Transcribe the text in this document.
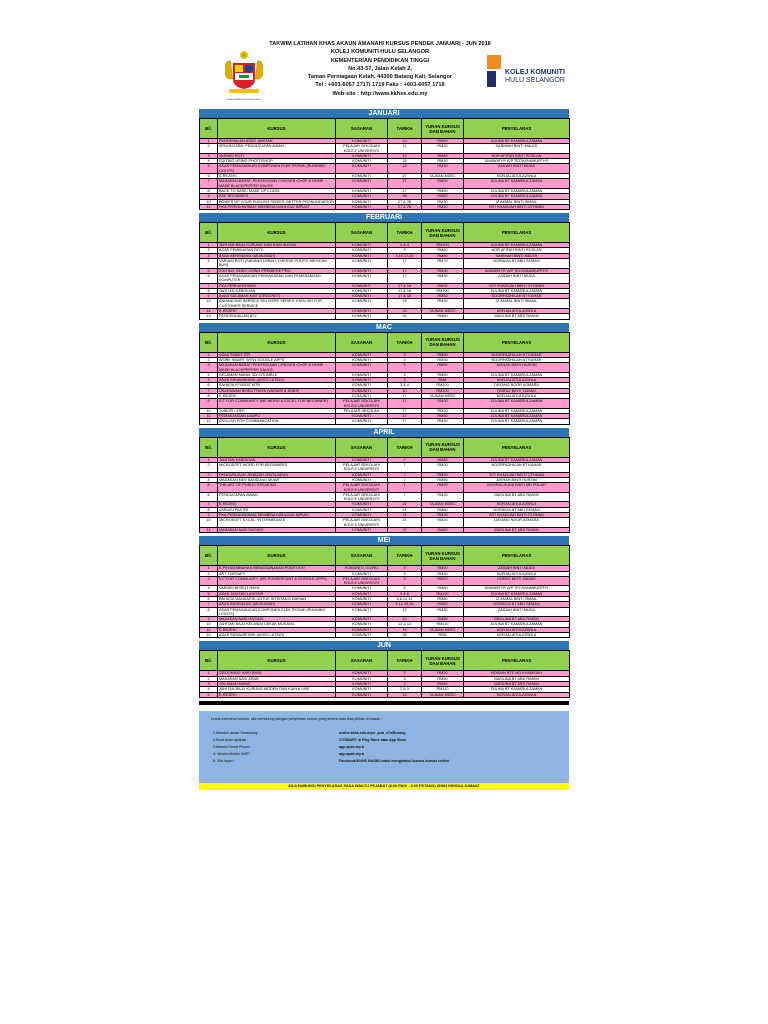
KEMENTERIAN PENDIDIKAN TINGGI
TAKWIM LATIHAN KHAS AKAUN AMANAH/ KURSUS PENDEK JANUARI - JUN 2018
KOLEJ KOMUNITI HULU SELANGOR
KEMENTERIAN PENDIDIKAN TINGGI
No.43-57, Jalan Kelah 2,
Taman Perniagaan Kelah, 44300 Batang Kali, Selangor
Tel : +603-6057 1717/ 1719 Faks : +603-6057 1718
Web-site : http://www.kkhse.edu.my
KOLEJ KOMUNITI
HULU SELANGOR
JANUARI
Bil.	KURSUS	SASARAN	TARIKH	YURAN KURSUS DAN BAHAN	PENYELARAS
1	PENGENALAN ASAS JAHITAN	KOMUNITI	10	RM50	ZULINA BT KAMARULZAMAN
2	SENI BICARA: PENGUCAPAN AWAM	PELAJAR SEKOLAH/ KOLEJ/ UNIVERSITI	11	RM20	SARIMAH BINTI MALEK
3	VARIASI ROTI	KOMUNITI	13	RM60	NOR AFIFAH BINTI ROSLAN
4	EDITING USING PHOTOSHOP	KOMUNITI	15	RM30	UMAWATHY A/P TECHANAMURTHY
5	ASAS PEMASANGAN KOMPONEN ELEKTRONIK (RUNNING LIGHTS)	KOMUNITI	19	RM30	ZAIDAH BINTI MUDA
6	E-REZEKI	KOMUNITI	27	TAJAAN MDEC	NORJALIATULAZWILA
7	MASAKAN BARAT: PENYEDIAAN CHICKEN CHOP & HOME MADE BLACKPEPPER SAUCE	KOMUNITI	27	RM50	ZULINA BT KAMARULZAMAN
8	BACK TO BASIC MAKE UP CLASS	KOMUNITI	27	RM50	ZULINA BT KAMARULZAMAN
9	KEK BROWNIES	KOMUNITI	28	RM60	ZULINA BT KAMARULZAMAN
10	POWER UP YOUR ENGLISH SERIES: BETTER PRONUNDIATION	KOMUNITI	27 & 28	RM30	IZ AKMAL BINTI ISMAIL
11	PKA PERKAHWINAN: MEMBINA MAHLIGAI IMPIAN	KOMUNITI	27 & 28	RM30	SITI KHADIJAH BINTI OTHMAN
FEBRUARI
Bil.	KURSUS	SASARAN	TARIKH	YURAN KURSUS DAN BAHAN	PENYELARAS
1	JAHITAN BAJU KURUNG DAN KAIN SUSUN	KOMUNITI	3 & 4	RM100	ZULINA BT KAMARULZAMAN
2	ASAS PEMBUATAN ROTI	KOMUNITI	3	RM60	NOR AFIFAH BINTI ROSLAN
3	ASAS BERENANG (MUSLIMAH)	KOMUNITI	3,10,17,24	RM80	SARIMAH BINTI MALEK
4	VARIASI ROTI (SARANG LEBAH, CHEESE PLAITS, MEXICAN BUN)	KOMUNITI	17	RM70	NORAIDA BT ABU SEMAN
5	EDITING VIDEO USING PREMIERE PRO	KOMUNITI	17	RM30	UMAWATHY A/P TECHANAMURTHY
6	ASAS PEMASANGAN PERKAKASAN DAN PEMASANGAN KOMPUTER	KOMUNITI	17	RM30	ZAIDAH BINTI MUDA
7	PKA PERKAHWINAN	KOMUNITI	17 & 18	RM30	SITI KHADIJAH BINTI OTHMAN
8	JAHITAN KARDIGAN	KOMUNITI	17 & 18	RM100	ZULINA BT KAMARULZAMAN
9	ASAS SULAMAN KAIT (CROCHET)	KOMUNITI	17 & 18	RM80	NOORFADHILAH BT KAHAR
10	ENHANCING SERVICE DELIVERY SERIES: ENGLISH FOR CUSTOMER SERVICE	KOMUNITI	24	RM30	IZ AKMAL BINTI ISMAIL
11	E-REZEKI	KOMUNITI	24	TAJAAN MDEC	NORJALIATULAZWILA
12	PENGENDALIAN ATV	KOMUNITI	24	RM50	MASLINA BT ABD RAHIM
MAC
Bil.	KURSUS	SASARAN	TARIKH	YURAN KURSUS DAN BAHAN	PENYELARAS
1	ASAS SOKET DIY	KOMUNITI	3	RM50	NOORFADHILAH BT KAHAR
2	WORK SMART WITH GOOGLE APPS	KOMUNITI	3	RM30	NOORFADHILAH BT KAHAR
3	MASAKAN BARAT: PENYEDIAAN CHICKEN CHOP & HOME MADE BLACKPEPPER SAUCE	KOMUNITI	3	RM50	AISHAH BINTI HUSSIN
4	GELAMAN MANIK 3D/ CRUMBLE	KOMUNITI	3	RM50	ZULINA BT KAMARULZAMAN
5	ASAS SENAMROBIK (AERO LATINO)	KOMUNITI	3	RM5	NORJALIATULAZWILA
6	BAHASA ISYARAT MTB	KOMUNITI	3 & 4	RM100	DAYANG NOOR ASMARA
7	USAHAWAN BISKUT RAYA (VARIASI 8 JENIS)	KOMUNITI	10	RM100	FAIRUZ BINTI ZAMAH
8	E-REZEKI	KOMUNITI	17	TAJAAN MDEC	NORJALIATULAZWILA
9	ICT FOR COMMUNITY (MS WORD & EXCEL FOR BEGINNER)	PELAJAR SEKOLAH/ KOLEJ/ UNIVERSITI	17	RM30	ZULINA BT KAMARULZAMAN
10	JUNIOR CHEF	PELAJAR SEKOLAH	17	RM20	ZULINA BT KAMARULZAMAN
11	PEMASANGAN LAMPU	KOMUNITI	17	RM50	ZULINA BT KAMARULZAMAN
12	ENGLISH FOR COMMUNICATION	KOMUNITI	17	RM30	ZULINA BT KAMARULZAMAN
APRIL
Bil.	KURSUS	SASARAN	TARIKH	YURAN KURSUS DAN BAHAN	PENYELARAS
1	JAHITAN KARDIGAN	KOMUNITI	7	RM80	ZULINA BT KAMARULZAMAN
2	MICROSOFT WORD FOR BEGINNERS	PELAJAR SEKOLAH/ KOLEJ/ UNIVERSITI	7	RM20	NOORFADHILAH BT KAHAR
3	PENGURUSAN JENAZAH (MUSLIMAH)	KOMUNITI	7	RM30	SITI KHADIJAH BINTI OTHMAN
4	MASAKAN MEE BANDUNG MUAR	KOMUNITI	7	RM50	AISHAH BINTI HUSSIN
5	THE ART OF PUBLIC SPEAKING	PELAJAR SEKOLAH/ KOLEJ/ UNIVERSITI	7	RM20	NOORULHUDA BINTI MD POLAH
6	PENGUCAPAN AWAM	PELAJAR SEKOLAH/ KOLEJ/ UNIVERSITI	7	RM20	MASLINA BT ABD RAHIM
7	E-REZEKI	KOMUNITI	21	TAJAAN MDEC	NORJALIATULAZWILA
8	VARIASI PASTRI	KOMUNITI	21	RM80	NORAIDA BT ABU SEMAN
9	PKA PERKAHWINAN: MEMBINA MAHLIGAI IMPIAN	KOMUNITI	21	RM30	SITI KHADIJAH BINTI OTHMAN
10	MICROSOFT EXCEL: INTERMEDIATE	PELAJAR SEKOLAH/ KOLEJ/ UNIVERSITI	21	RM20	DAYANG NOOR ASMARA
11	MASAKAN NASI DAGING	KOMUNITI	22	RM60	MASLINA BT ABD RAHIM
MEI
Bil.	KURSUS	SASARAN	TARIKH	YURAN KURSUS DAN BAHAN	PENYELARAS
1	E-PENGEMBAHAN MENGGUNAKAN POWTOON	KOMUNITI / GURU	5	RM20	ZAIDAH BINTI MUDA
2	ART THERAPY	KOMUNITI	5	RM30	NORJALIATULAZWILA
3	ICT FOR COMMUNITY (MS POWERPOINT & GOOGLE APPS)	PELAJAR SEKOLAH/ KOLEJ/ UNIVERSITI	5	RM20	FAIRUZ BINTI ZAMAH
4	VARIASI BISKUT RAYA	KOMUNITI	5	RM80	UMAWATHY A/P TECHANAMURTHY
5	ASAS JAHITAN LANGSIR	KOMUNITI	5 & 6	RM110	ZULINA BT KAMARULZAMAN
6	BAHASA MANDARIN UNTUK INTERAKSI HARIAN	KOMUNITI	5,6,12,13	RM80	IZ AKMAL BINTI ISMAIL
7	ASAS BERENANG (MUSLIMAH)	KOMUNITI	5,12,19,26	RM80	NORAIDA BT ABU SEMAN
8	ASAS PEMASANGAN KOMPONEN ELEKTRONIK (RUNNING LIGHTS)	KOMUNITI	12	RM30	ZAIDAH BINTI MUDA
9	MASAKAN NASI DAGING	KOMUNITI	12	RM60	MASLINA BT ABD RAHIM
10	JAHITAN BAJU KELAWAI CEKAK MUSANG	KOMUNITI	12 & 13	RM110	ZULINA BT KAMARULZAMAN
11	E-REZEKI	KOMUNITI	19	TAJAAN MDEC	NORJALIATULAZWILA
12	ASAS SENAMROBIK (AERO LATINO)	KOMUNITI	26	RM5	NORJALIATULAZWILA
JUN
Bil.	KURSUS	SASARAN	TARIKH	YURAN KURSUS DAN BAHAN	PENYELARAS
1	GROOMING HARI RAYA	KOMUNITI	2	RM20	NORAIN BTE MD KHAMSIAH
2	MASAKAN NASI ARAB	KOMUNITI	3	RM60	MASLINA BT ABD RAHIM
3	GELAMAN MANIK	KOMUNITI	3	RM50	MASLINA BT ABD RAHIM
4	JAHITAN BAJU KURUNG MODEN DAN KAIN A LINE	KOMUNITI	2 & 3	RM110	ZULINA BT KAMARULZAMAN
5	E-REZEKI	KOMUNITI	16	TAJAAN MDEC	NORJALIATULAZWILA
Untuk memohon kursus, sila berhubung dengan penyelaras kursus yang tertera atau lihat pilihan di bawah :
1.Melalui Laman Sesawang :	online.kkhs.edu.my/e_pub_s7s/Borang
2.Muat turun aplikasi :	CCSMART di Play Store atau App Store
3.Melalui Smart Phone :	app.apah.my.b
4. Melalui Mobile WAP :	app.apah.my.b
5. Sila layari :	Facebook/KKHS RASMI untuk mengetahui kursus-kursus terkini
SILA HUBUNGI PENYELARAS PADA WAKTU PEJABAT (8.00 PAGI - 5.00 PETANG) ISNIN HINGGA JUMAAT
